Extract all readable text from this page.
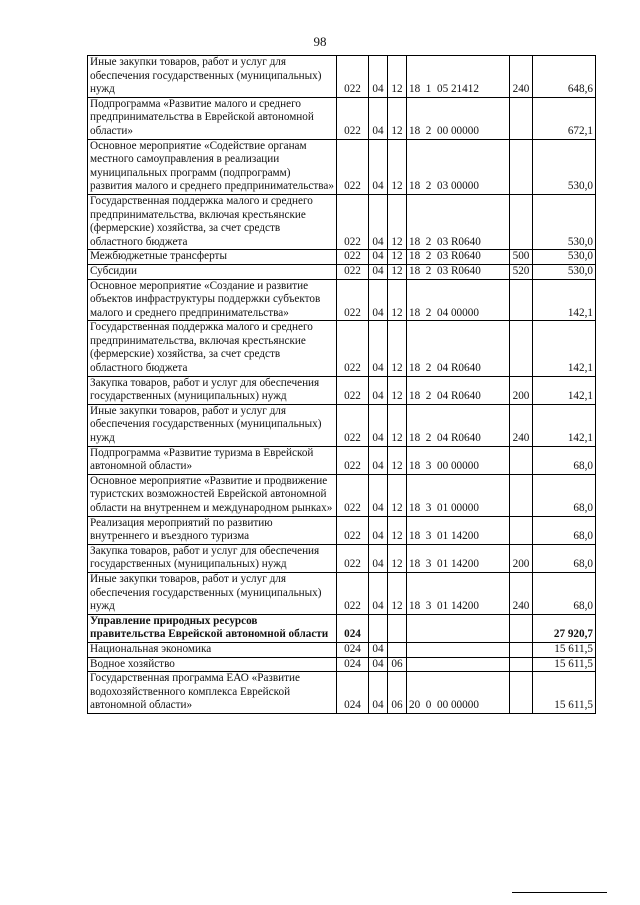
98
Иные закупки товаров, работ и услуг для обеспечения государственных (муниципальных) нужд	022	04	12	18  1  05 21412	240	648,6
Подпрограмма «Развитие малого и среднего предпринимательства в Еврейской автономной области»	022	04	12	18  2  00 00000		672,1
Основное мероприятие «Содействие органам местного самоуправления в реализации муниципальных программ (подпрограмм) развития малого и среднего предпринимательства»	022	04	12	18  2  03 00000		530,0
Государственная поддержка малого и среднего предпринимательства, включая крестьянские (фермерские) хозяйства, за счет средств областного бюджета	022	04	12	18  2  03 R0640		530,0
Межбюджетные трансферты	022	04	12	18  2  03 R0640	500	530,0
Субсидии	022	04	12	18  2  03 R0640	520	530,0
Основное мероприятие «Создание и развитие объектов инфраструктуры поддержки субъектов малого и среднего предпринимательства»	022	04	12	18  2  04 00000		142,1
Государственная поддержка малого и среднего предпринимательства, включая крестьянские (фермерские) хозяйства, за счет средств областного бюджета	022	04	12	18  2  04 R0640		142,1
Закупка товаров, работ и услуг для обеспечения государственных (муниципальных) нужд	022	04	12	18  2  04 R0640	200	142,1
Иные закупки товаров, работ и услуг для обеспечения государственных (муниципальных) нужд	022	04	12	18  2  04 R0640	240	142,1
Подпрограмма «Развитие туризма в Еврейской автономной области»	022	04	12	18  3  00 00000		68,0
Основное мероприятие «Развитие и продвижение туристских возможностей Еврейской автономной области на внутреннем и международном рынках»	022	04	12	18  3  01 00000		68,0
Реализация мероприятий по развитию внутреннего и въездного туризма	022	04	12	18  3  01 14200		68,0
Закупка товаров, работ и услуг для обеспечения государственных (муниципальных) нужд	022	04	12	18  3  01 14200	200	68,0
Иные закупки товаров, работ и услуг для обеспечения государственных (муниципальных) нужд	022	04	12	18  3  01 14200	240	68,0
Управление природных ресурсов правительства Еврейской автономной области	024					27 920,7
Национальная экономика	024	04				15 611,5
Водное хозяйство	024	04	06			15 611,5
Государственная программа ЕАО «Развитие водохозяйственного комплекса Еврейской автономной области»	024	04	06	20  0  00 00000		15 611,5
